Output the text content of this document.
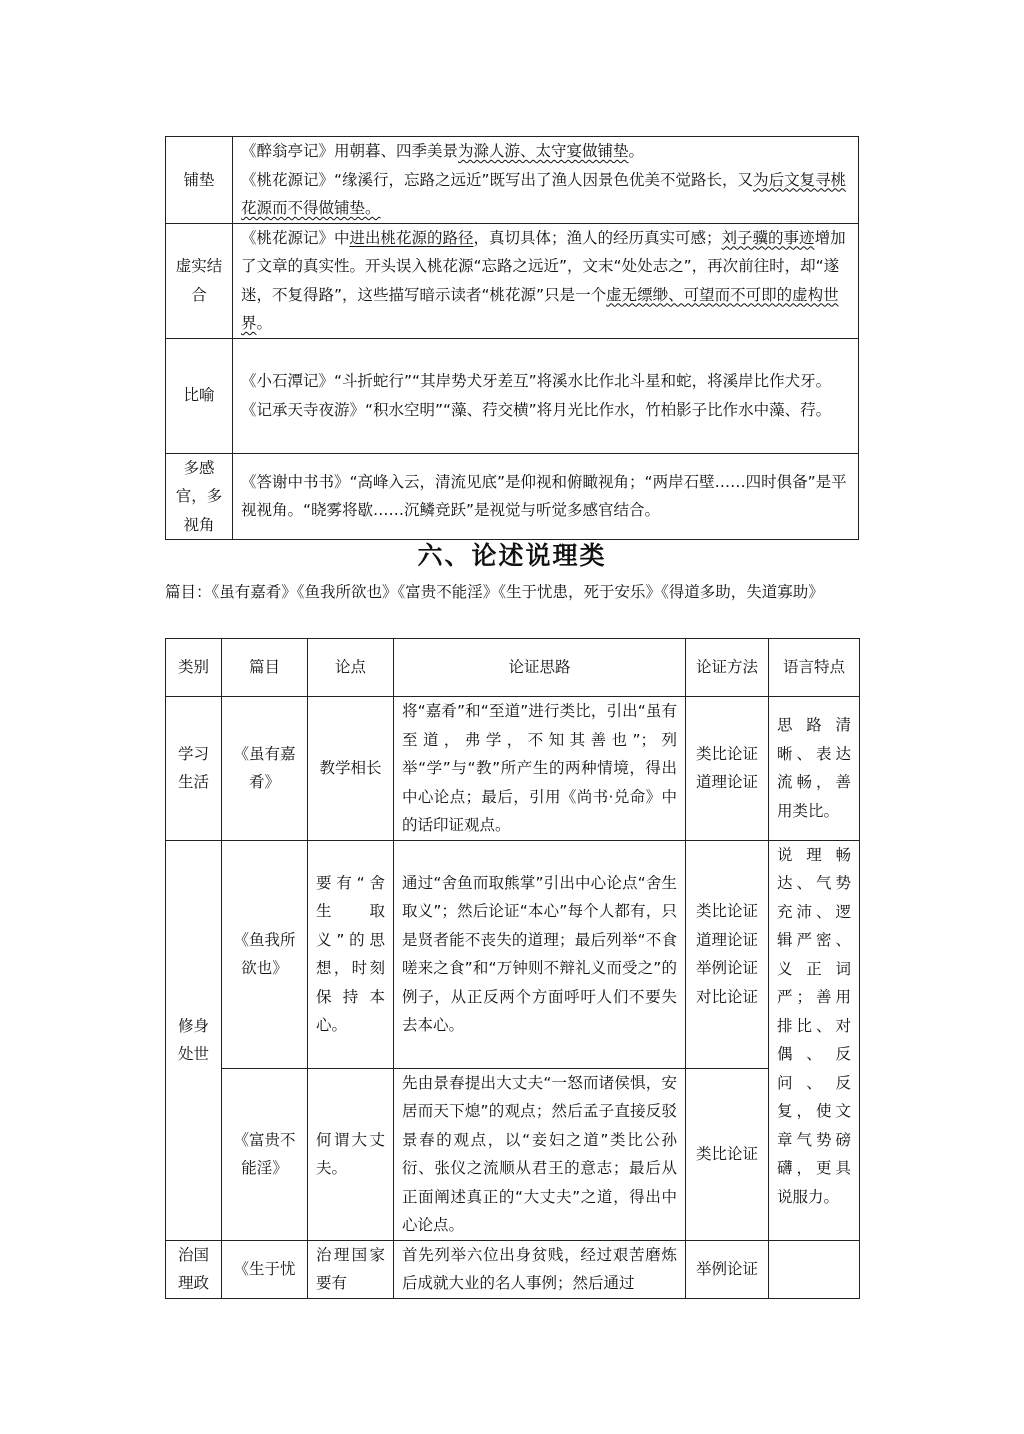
铺垫	《醉翁亭记》用朝暮、四季美景为滁人游、太守宴做铺垫。
《桃花源记》“缘溪行，忘路之远近”既写出了渔人因景色优美不觉路长，又为后文复寻桃花源而不得做铺垫。

虚实结合	《桃花源记》中进出桃花源的路径，真切具体；渔人的经历真实可感；刘子骥的事迹增加了文章的真实性。开头误入桃花源“忘路之远近”，文末“处处志之”，再次前往时，却“遂迷，不复得路”，这些描写暗示读者“桃花源”只是一个虚无缥缈、可望而不可即的虚构世界。
比喻	《小石潭记》“斗折蛇行”“其岸势犬牙差互”将溪水比作北斗星和蛇，将溪岸比作犬牙。
《记承天寺夜游》“积水空明”“藻、荇交横”将月光比作水，竹柏影子比作水中藻、荇。

多感官，多视角	《答谢中书书》“高峰入云，清流见底”是仰视和俯瞰视角；“两岸石壁……四时俱备”是平视视角。“晓雾将歇……沉鳞竞跃”是视觉与听觉多感官结合。
六、论述说理类

篇目：《虽有嘉肴》《鱼我所欲也》《富贵不能淫》《生于忧患，死于安乐》《得道多助，失道寡助》

类别	篇目	论点	论证思路	论证方法	语言特点
学习生活	《虽有嘉肴》	教学相长	将“嘉肴”和“至道”进行类比，引出“虽有至道，弗学，不知其善也”；列举“学”与“教”所产生的两种情境，得出中心论点；最后，引用《尚书·兑命》中的话印证观点。	类比论证道理论证	思路清晰、表达流畅，善用类比。
修身处世	《鱼我所欲也》	要有“舍生取义”的思想，时刻保持本心。	通过“舍鱼而取熊掌”引出中心论点“舍生取义”；然后论证“本心”每个人都有，只是贤者能不丧失的道理；最后列举“不食嗟来之食”和“万钟则不辩礼义而受之”的例子，从正反两个方面呼吁人们不要失去本心。	类比论证道理论证举例论证对比论证	说理畅达、气势充沛、逻辑严密、义正词严；善用排比、对偶、反问、反复，使文章气势磅礴，更具说服力。
	《富贵不能淫》	何谓大丈夫。	先由景春提出大丈夫“一怒而诸侯惧，安居而天下熄”的观点；然后孟子直接反驳景春的观点，以“妾妇之道”类比公孙衍、张仪之流顺从君王的意志；最后从正面阐述真正的“大丈夫”之道，得出中心论点。	类比论证	
治国理政	《生于忧	治理国家要有	首先列举六位出身贫贱，经过艰苦磨炼后成就大业的名人事例；然后通过	举例论证	
